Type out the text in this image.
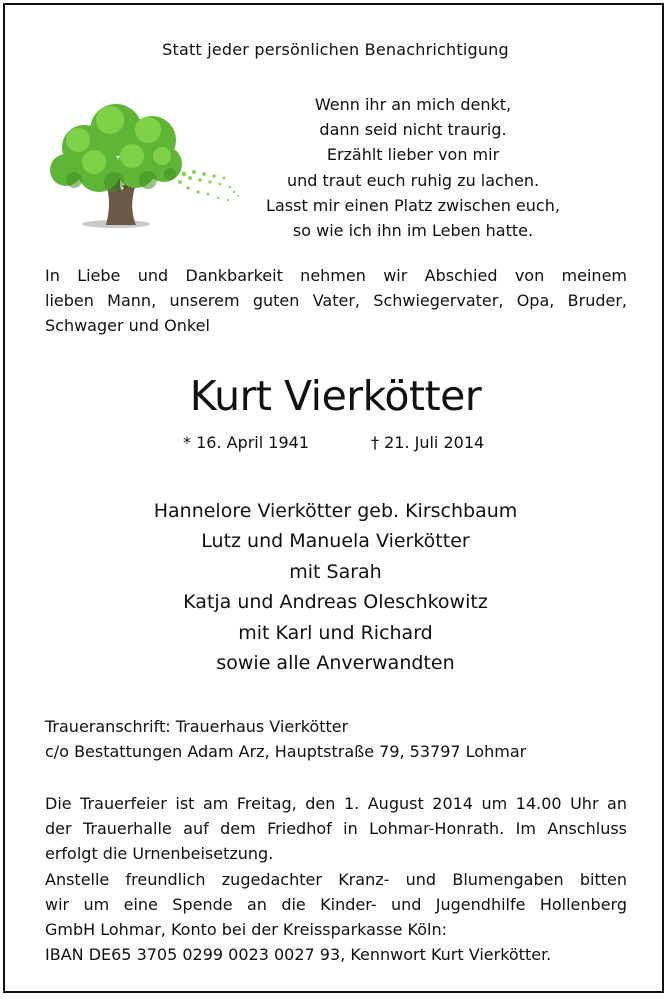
Statt jeder persönlichen Benachrichtigung
Wenn ihr an mich denkt,
dann seid nicht traurig.
Erzählt lieber von mir
und traut euch ruhig zu lachen.
Lasst mir einen Platz zwischen euch,
so wie ich ihn im Leben hatte.
In Liebe und Dankbarkeit nehmen wir Abschied von meinem
lieben Mann, unserem guten Vater, Schwiegervater, Opa, Bruder,
Schwager und Onkel
Kurt Vierkötter
* 16. April 1941	† 21. Juli 2014
Hannelore Vierkötter geb. Kirschbaum
Lutz und Manuela Vierkötter
mit Sarah
Katja und Andreas Oleschkowitz
mit Karl und Richard
sowie alle Anverwandten
Traueranschrift: Trauerhaus Vierkötter
c/o Bestattungen Adam Arz, Hauptstraße 79, 53797 Lohmar
Die Trauerfeier ist am Freitag, den 1. August 2014 um 14.00 Uhr an
der Trauerhalle auf dem Friedhof in Lohmar-Honrath. Im Anschluss
erfolgt die Urnenbeisetzung.
Anstelle freundlich zugedachter Kranz- und Blumengaben bitten
wir um eine Spende an die Kinder- und Jugendhilfe Hollenberg
GmbH Lohmar, Konto bei der Kreissparkasse Köln:
IBAN DE65 3705 0299 0023 0027 93, Kennwort Kurt Vierkötter.
